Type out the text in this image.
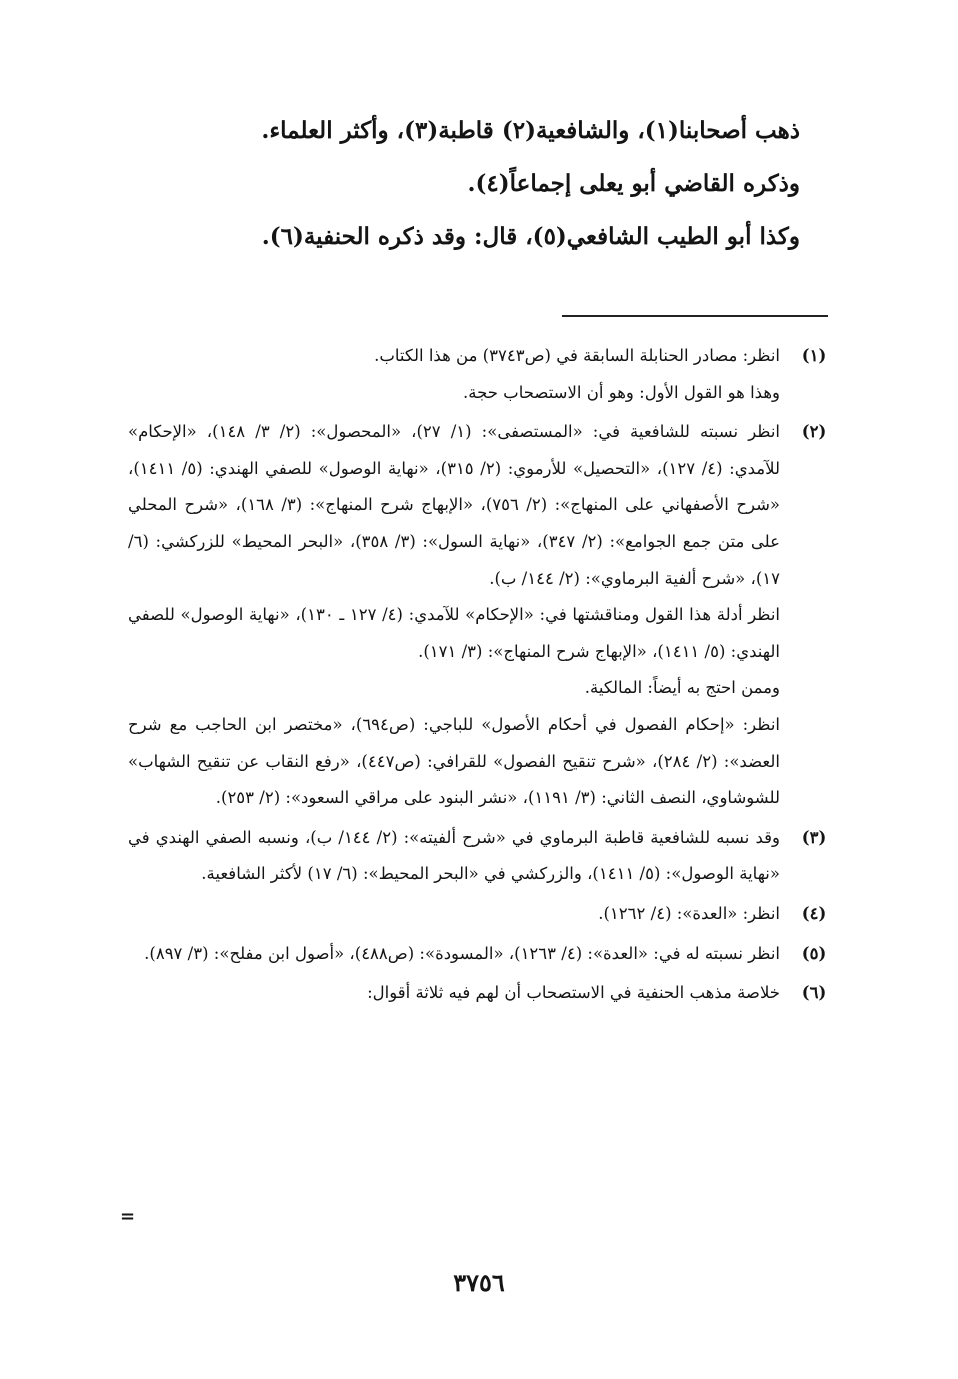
ذهب أصحابنا(١)، والشافعية(٢) قاطبة(٣)، وأكثر العلماء.
وذكره القاضي أبو يعلى إجماعاً(٤).
وكذا أبو الطيب الشافعي(٥)، قال: وقد ذكره الحنفية(٦).
(١)

انظر: مصادر الحنابلة السابقة في (ص٣٧٤٣) من هذا الكتاب.

وهذا هو القول الأول: وهو أن الاستصحاب حجة.

(٢)

انظر نسبته للشافعية في: «المستصفى»: (١/ ٢٧)، «المحصول»: (٢/ ٣/ ١٤٨)، «الإحكام» للآمدي: (٤/ ١٢٧)، «التحصيل» للأرموي: (٢/ ٣١٥)، «نهاية الوصول» للصفي الهندي: (٥/ ١٤١١)، «شرح الأصفهاني على المنهاج»: (٢/ ٧٥٦)، «الإبهاج شرح المنهاج»: (٣/ ١٦٨)، «شرح المحلي على متن جمع الجوامع»: (٢/ ٣٤٧)، «نهاية السول»: (٣/ ٣٥٨)، «البحر المحيط» للزركشي: (٦/ ١٧)، «شرح ألفية البرماوي»: (٢/ ١٤٤/ ب).

انظر أدلة هذا القول ومناقشتها في: «الإحكام» للآمدي: (٤/ ١٢٧ ـ ١٣٠)، «نهاية الوصول» للصفي الهندي: (٥/ ١٤١١)، «الإبهاج شرح المنهاج»: (٣/ ١٧١).

وممن احتج به أيضاً: المالكية.

انظر: «إحكام الفصول في أحكام الأصول» للباجي: (ص٦٩٤)، «مختصر ابن الحاجب مع شرح العضد»: (٢/ ٢٨٤)، «شرح تنقيح الفصول» للقرافي: (ص٤٤٧)، «رفع النقاب عن تنقيح الشهاب» للشوشاوي، النصف الثاني: (٣/ ١١٩١)، «نشر البنود على مراقي السعود»: (٢/ ٢٥٣).

(٣)

وقد نسبه للشافعية قاطبة البرماوي في «شرح ألفيته»: (٢/ ١٤٤/ ب)، ونسبه الصفي الهندي في «نهاية الوصول»: (٥/ ١٤١١)، والزركشي في «البحر المحيط»: (٦/ ١٧) لأكثر الشافعية.

(٤)

انظر: «العدة»: (٤/ ١٢٦٢).

(٥)

انظر نسبته له في: «العدة»: (٤/ ١٢٦٣)، «المسودة»: (ص٤٨٨)، «أصول ابن مفلح»: (٣/ ٨٩٧).

(٦)

خلاصة مذهب الحنفية في الاستصحاب أن لهم فيه ثلاثة أقوال:

=
٣٧٥٦
